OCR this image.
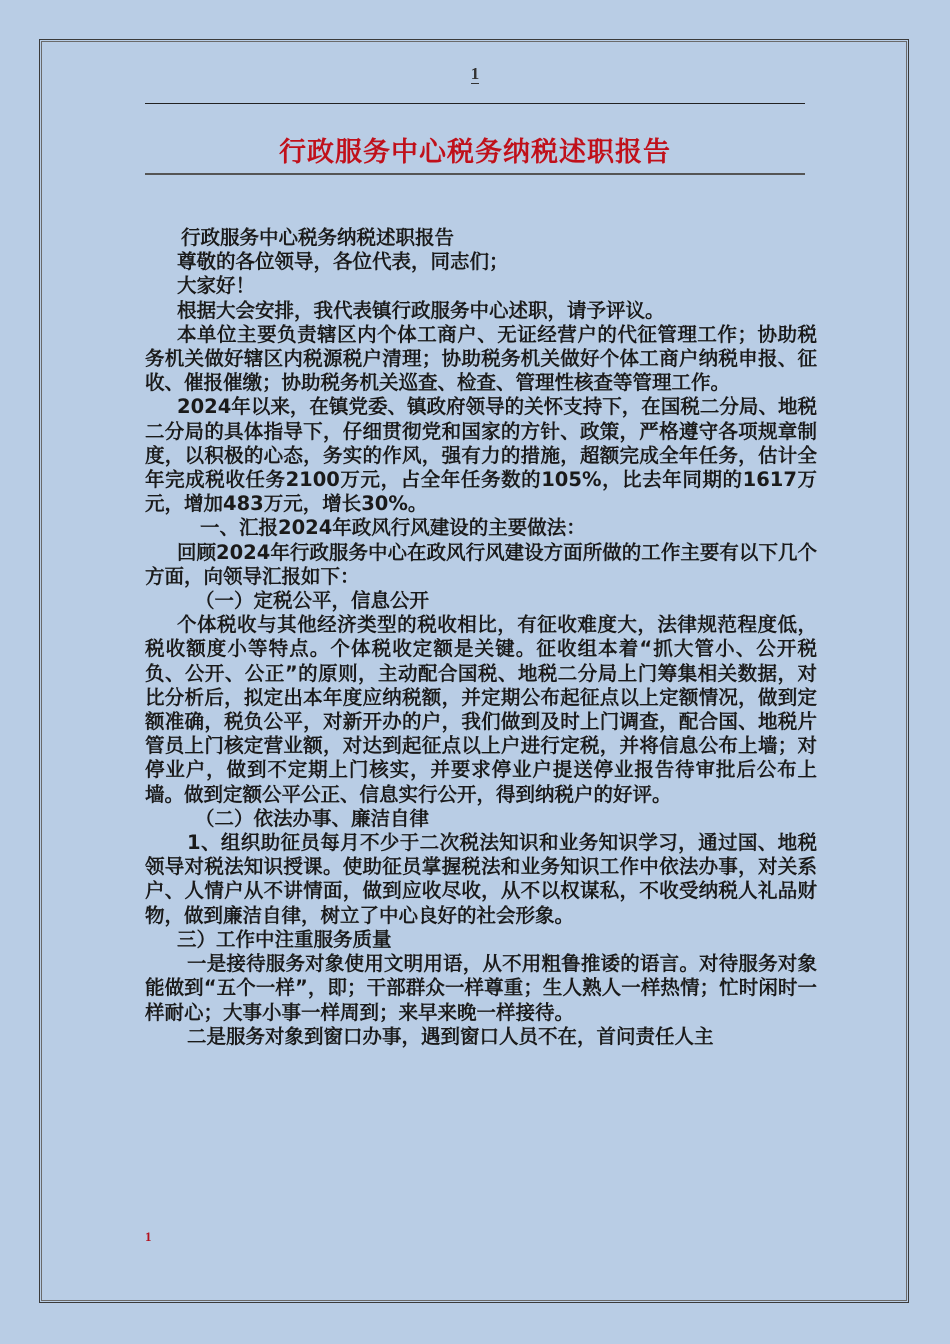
1
行政服务中心税务纳税述职报告

行政服务中心税务纳税述职报告

尊敬的各位领导，各位代表，同志们；

大家好！

根据大会安排，我代表镇行政服务中心述职，请予评议。

本单位主要负责辖区内个体工商户、无证经营户的代征管理工作；协助税务机关做好辖区内税源税户清理；协助税务机关做好个体工商户纳税申报、征收、催报催缴；协助税务机关巡查、检查、管理性核查等管理工作。

2024年以来，在镇党委、镇政府领导的关怀支持下，在国税二分局、地税二分局的具体指导下，仔细贯彻党和国家的方针、政策，严格遵守各项规章制度，以积极的心态，务实的作风，强有力的措施，超额完成全年任务，估计全年完成税收任务2100万元，占全年任务数的105%，比去年同期的1617万元，增加483万元，增长30%。

一、汇报2024年政风行风建设的主要做法：

回顾2024年行政服务中心在政风行风建设方面所做的工作主要有以下几个方面，向领导汇报如下：

（一）定税公平，信息公开

个体税收与其他经济类型的税收相比，有征收难度大，法律规范程度低，税收额度小等特点。个体税收定额是关键。征收组本着“抓大管小、公开税负、公开、公正”的原则，主动配合国税、地税二分局上门筹集相关数据，对比分析后，拟定出本年度应纳税额，并定期公布起征点以上定额情况，做到定额准确，税负公平，对新开办的户，我们做到及时上门调查，配合国、地税片管员上门核定营业额，对达到起征点以上户进行定税，并将信息公布上墙；对停业户，做到不定期上门核实，并要求停业户提送停业报告待审批后公布上墙。做到定额公平公正、信息实行公开，得到纳税户的好评。

（二）依法办事、廉洁自律

1、组织助征员每月不少于二次税法知识和业务知识学习，通过国、地税领导对税法知识授课。使助征员掌握税法和业务知识工作中依法办事，对关系户、人情户从不讲情面，做到应收尽收，从不以权谋私，不收受纳税人礼品财物，做到廉洁自律，树立了中心良好的社会形象。

三）工作中注重服务质量

一是接待服务对象使用文明用语，从不用粗鲁推诿的语言。对待服务对象能做到“五个一样”，即；干部群众一样尊重；生人熟人一样热情；忙时闲时一样耐心；大事小事一样周到；来早来晚一样接待。

二是服务对象到窗口办事，遇到窗口人员不在，首问责任人主

1
